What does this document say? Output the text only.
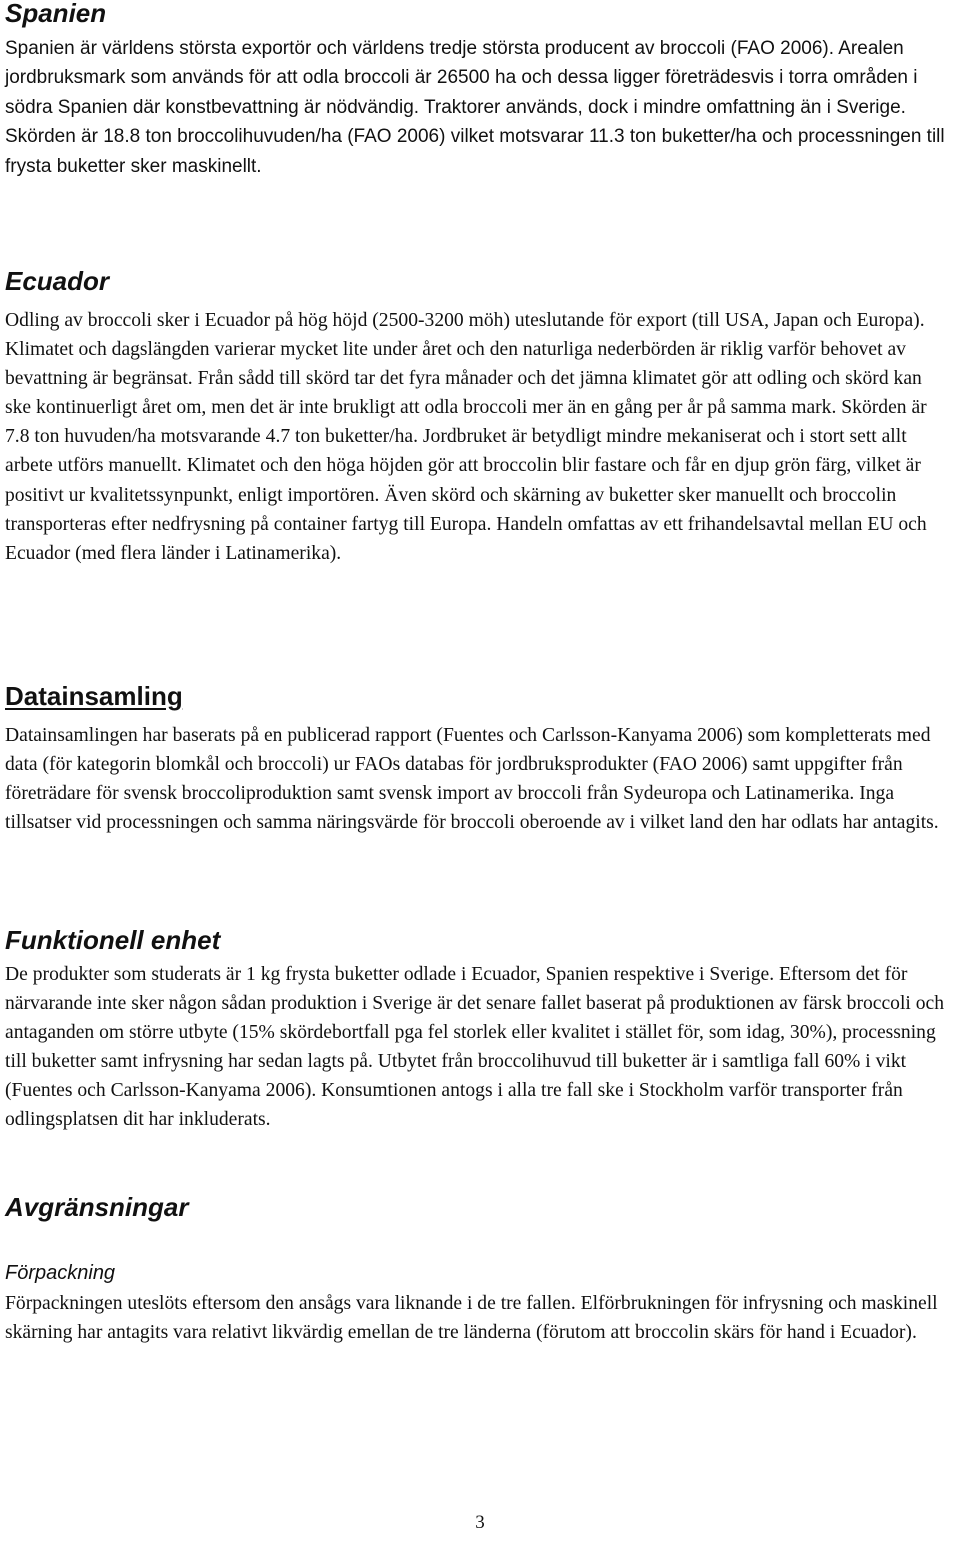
Spanien

Spanien är världens största exportör och världens tredje största producent av broccoli (FAO 2006). Arealen jordbruksmark som används för att odla broccoli är 26500 ha och dessa ligger företrädesvis i torra områden i södra Spanien där konstbevattning är nödvändig. Traktorer används, dock i mindre omfattning än i Sverige. Skörden är 18.8 ton broccolihuvuden/ha (FAO 2006) vilket motsvarar 11.3 ton buketter/ha och processningen till frysta buketter sker maskinellt.

Ecuador

Odling av broccoli sker i Ecuador på hög höjd (2500-3200 möh) uteslutande för export (till USA, Japan och Europa). Klimatet och dagslängden varierar mycket lite under året och den naturliga nederbörden är riklig varför behovet av bevattning är begränsat. Från sådd till skörd tar det fyra månader och det jämna klimatet gör att odling och skörd kan ske kontinuerligt året om, men det är inte brukligt att odla broccoli mer än en gång per år på samma mark. Skörden är 7.8 ton huvuden/ha motsvarande 4.7 ton buketter/ha. Jordbruket är betydligt mindre mekaniserat och i stort sett allt arbete utförs manuellt. Klimatet och den höga höjden gör att broccolin blir fastare och får en djup grön färg, vilket är positivt ur kvalitetssynpunkt, enligt importören. Även skörd och skärning av buketter sker manuellt och broccolin transporteras efter nedfrysning på container fartyg till Europa. Handeln omfattas av ett frihandelsavtal mellan EU och Ecuador (med flera länder i Latinamerika).

Datainsamling

Datainsamlingen har baserats på en publicerad rapport (Fuentes och Carlsson-Kanyama 2006) som kompletterats med data (för kategorin blomkål och broccoli) ur FAOs databas för jordbruksprodukter (FAO 2006) samt uppgifter från företrädare för svensk broccoliproduktion samt svensk import av broccoli från Sydeuropa och Latinamerika. Inga tillsatser vid processningen och samma näringsvärde för broccoli oberoende av i vilket land den har odlats har antagits.

Funktionell enhet

De produkter som studerats är 1 kg frysta buketter odlade i Ecuador, Spanien respektive i Sverige. Eftersom det för närvarande inte sker någon sådan produktion i Sverige är det senare fallet baserat på produktionen av färsk broccoli och antaganden om större utbyte (15% skördebortfall pga fel storlek eller kvalitet i stället för, som idag, 30%), processning till buketter samt infrysning har sedan lagts på. Utbytet från broccolihuvud till buketter är i samtliga fall 60% i vikt (Fuentes och Carlsson-Kanyama 2006). Konsumtionen antogs i alla tre fall ske i Stockholm varför transporter från odlingsplatsen dit har inkluderats.

Avgränsningar
Förpackning

Förpackningen uteslöts eftersom den ansågs vara liknande i de tre fallen. Elförbrukningen för infrysning och maskinell skärning har antagits vara relativt likvärdig emellan de tre länderna (förutom att broccolin skärs för hand i Ecuador).

3
